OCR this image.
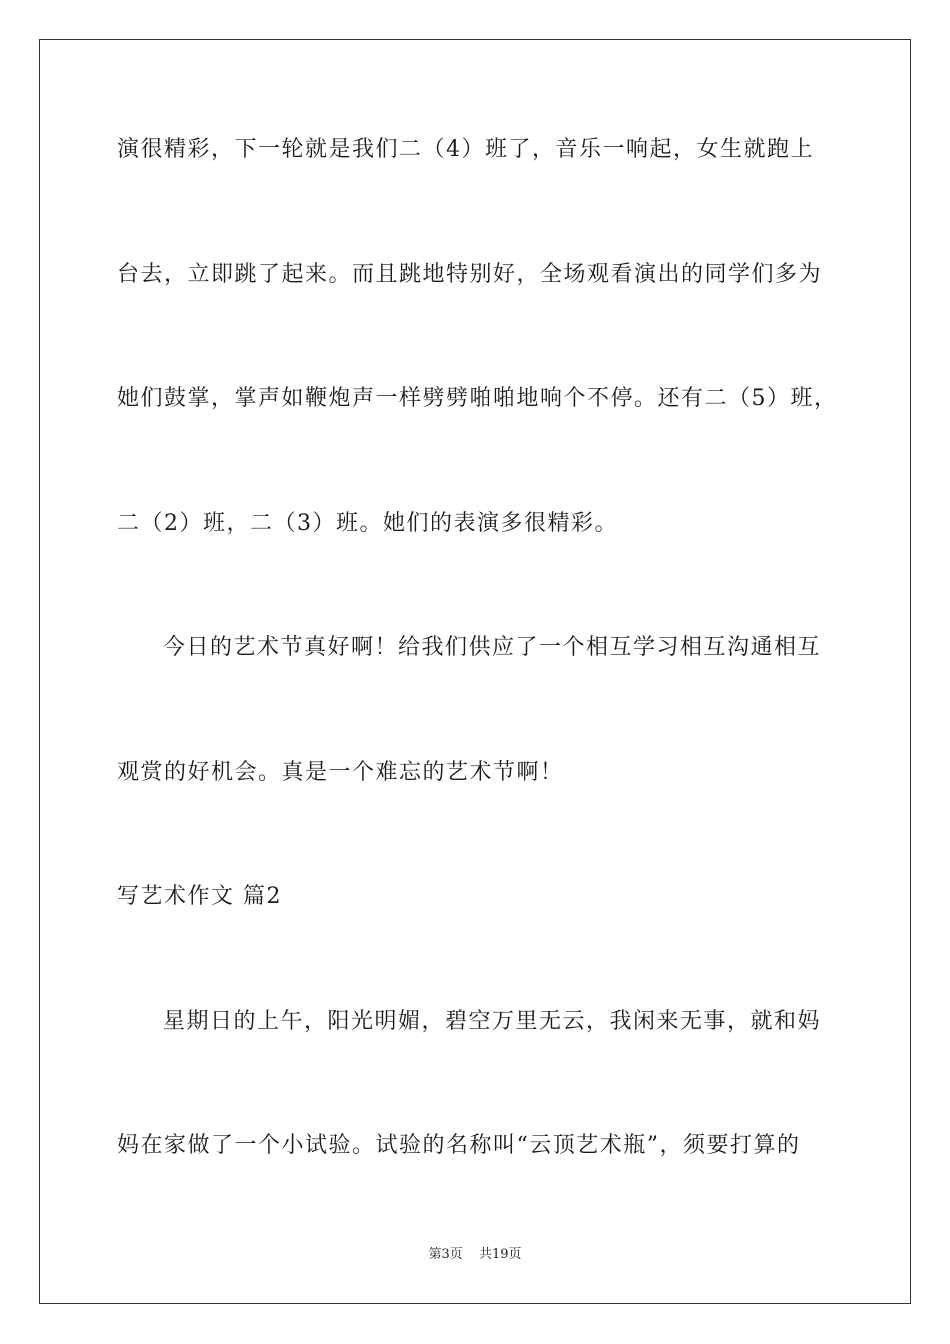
演很精彩，下一轮就是我们二（4）班了，音乐一响起，女生就跑上
台去，立即跳了起来。而且跳地特别好，全场观看演出的同学们多为
她们鼓掌，掌声如鞭炮声一样劈劈啪啪地响个不停。还有二（5）班，
二（2）班，二（3）班。她们的表演多很精彩。
今日的艺术节真好啊！给我们供应了一个相互学习相互沟通相互
观赏的好机会。真是一个难忘的艺术节啊！
写艺术作文 篇2
星期日的上午，阳光明媚，碧空万里无云，我闲来无事，就和妈
妈在家做了一个小试验。试验的名称叫“云顶艺术瓶”，须要打算的
第3页 共19页
